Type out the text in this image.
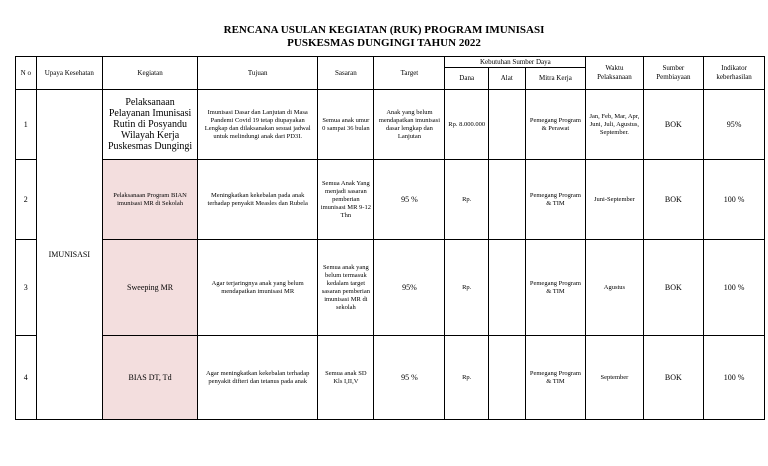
RENCANA USULAN KEGIATAN (RUK) PROGRAM IMUNISASI
PUSKESMAS DUNGINGI TAHUN 2022
N o	Upaya Kesehatan	Kegiatan	Tujuan	Sasaran	Target	Kebutuhan Sumber Daya			Waktu Pelaksanaan	Sumber Pembiayaan	Indikator keberhasilan
						Dana	Alat	Mitra Kerja			
1	IMUNISASI	Pelaksanaan Pelayanan Imunisasi Rutin di Posyandu Wilayah Kerja Puskesmas Dungingi	Imunisasi Dasar dan Lanjutan di Masa Pandemi Covid 19 tetap diupayakan Lengkap dan dilaksanakan sesuai jadwal untuk melindungi anak dari PD3I.	Semua anak umur 0 sampai 36 bulan	Anak yang belum mendapatkan imunisasi dasar lengkap dan Lanjutan	Rp. 8.000.000		Pemegang Program & Perawat	Jan, Feb, Mar, Apr, Juni, Juli, Agustus, September.	BOK	95%
2		Pelaksanaan Program BIAN imunisasi MR di Sekolah	Meningkatkan kekebalan pada anak terhadap penyakit Measles dan Rubela	Semua Anak Yang menjadi sasaran pemberian imunisasi MR 9-12 Thn	95 %	Rp.		Pemegang Program & TIM	Juni-September	BOK	100 %
3		Sweeping MR	Agar terjaringnya anak yang belum mendapatkan imunisasi MR	Semua anak yang belum termasuk kedalam target sasaran pemberian imunisasi MR di sekolah	95%	Rp.		Pemegang Program & TIM	Agustus	BOK	100 %
4		BIAS DT, Td	Agar meningkatkan kekebalan terhadap penyakit difteri dan tetanus pada anak	Semua anak SD Kls I,II,V	95 %	Rp.		Pemegang Program & TIM	September	BOK	100 %
